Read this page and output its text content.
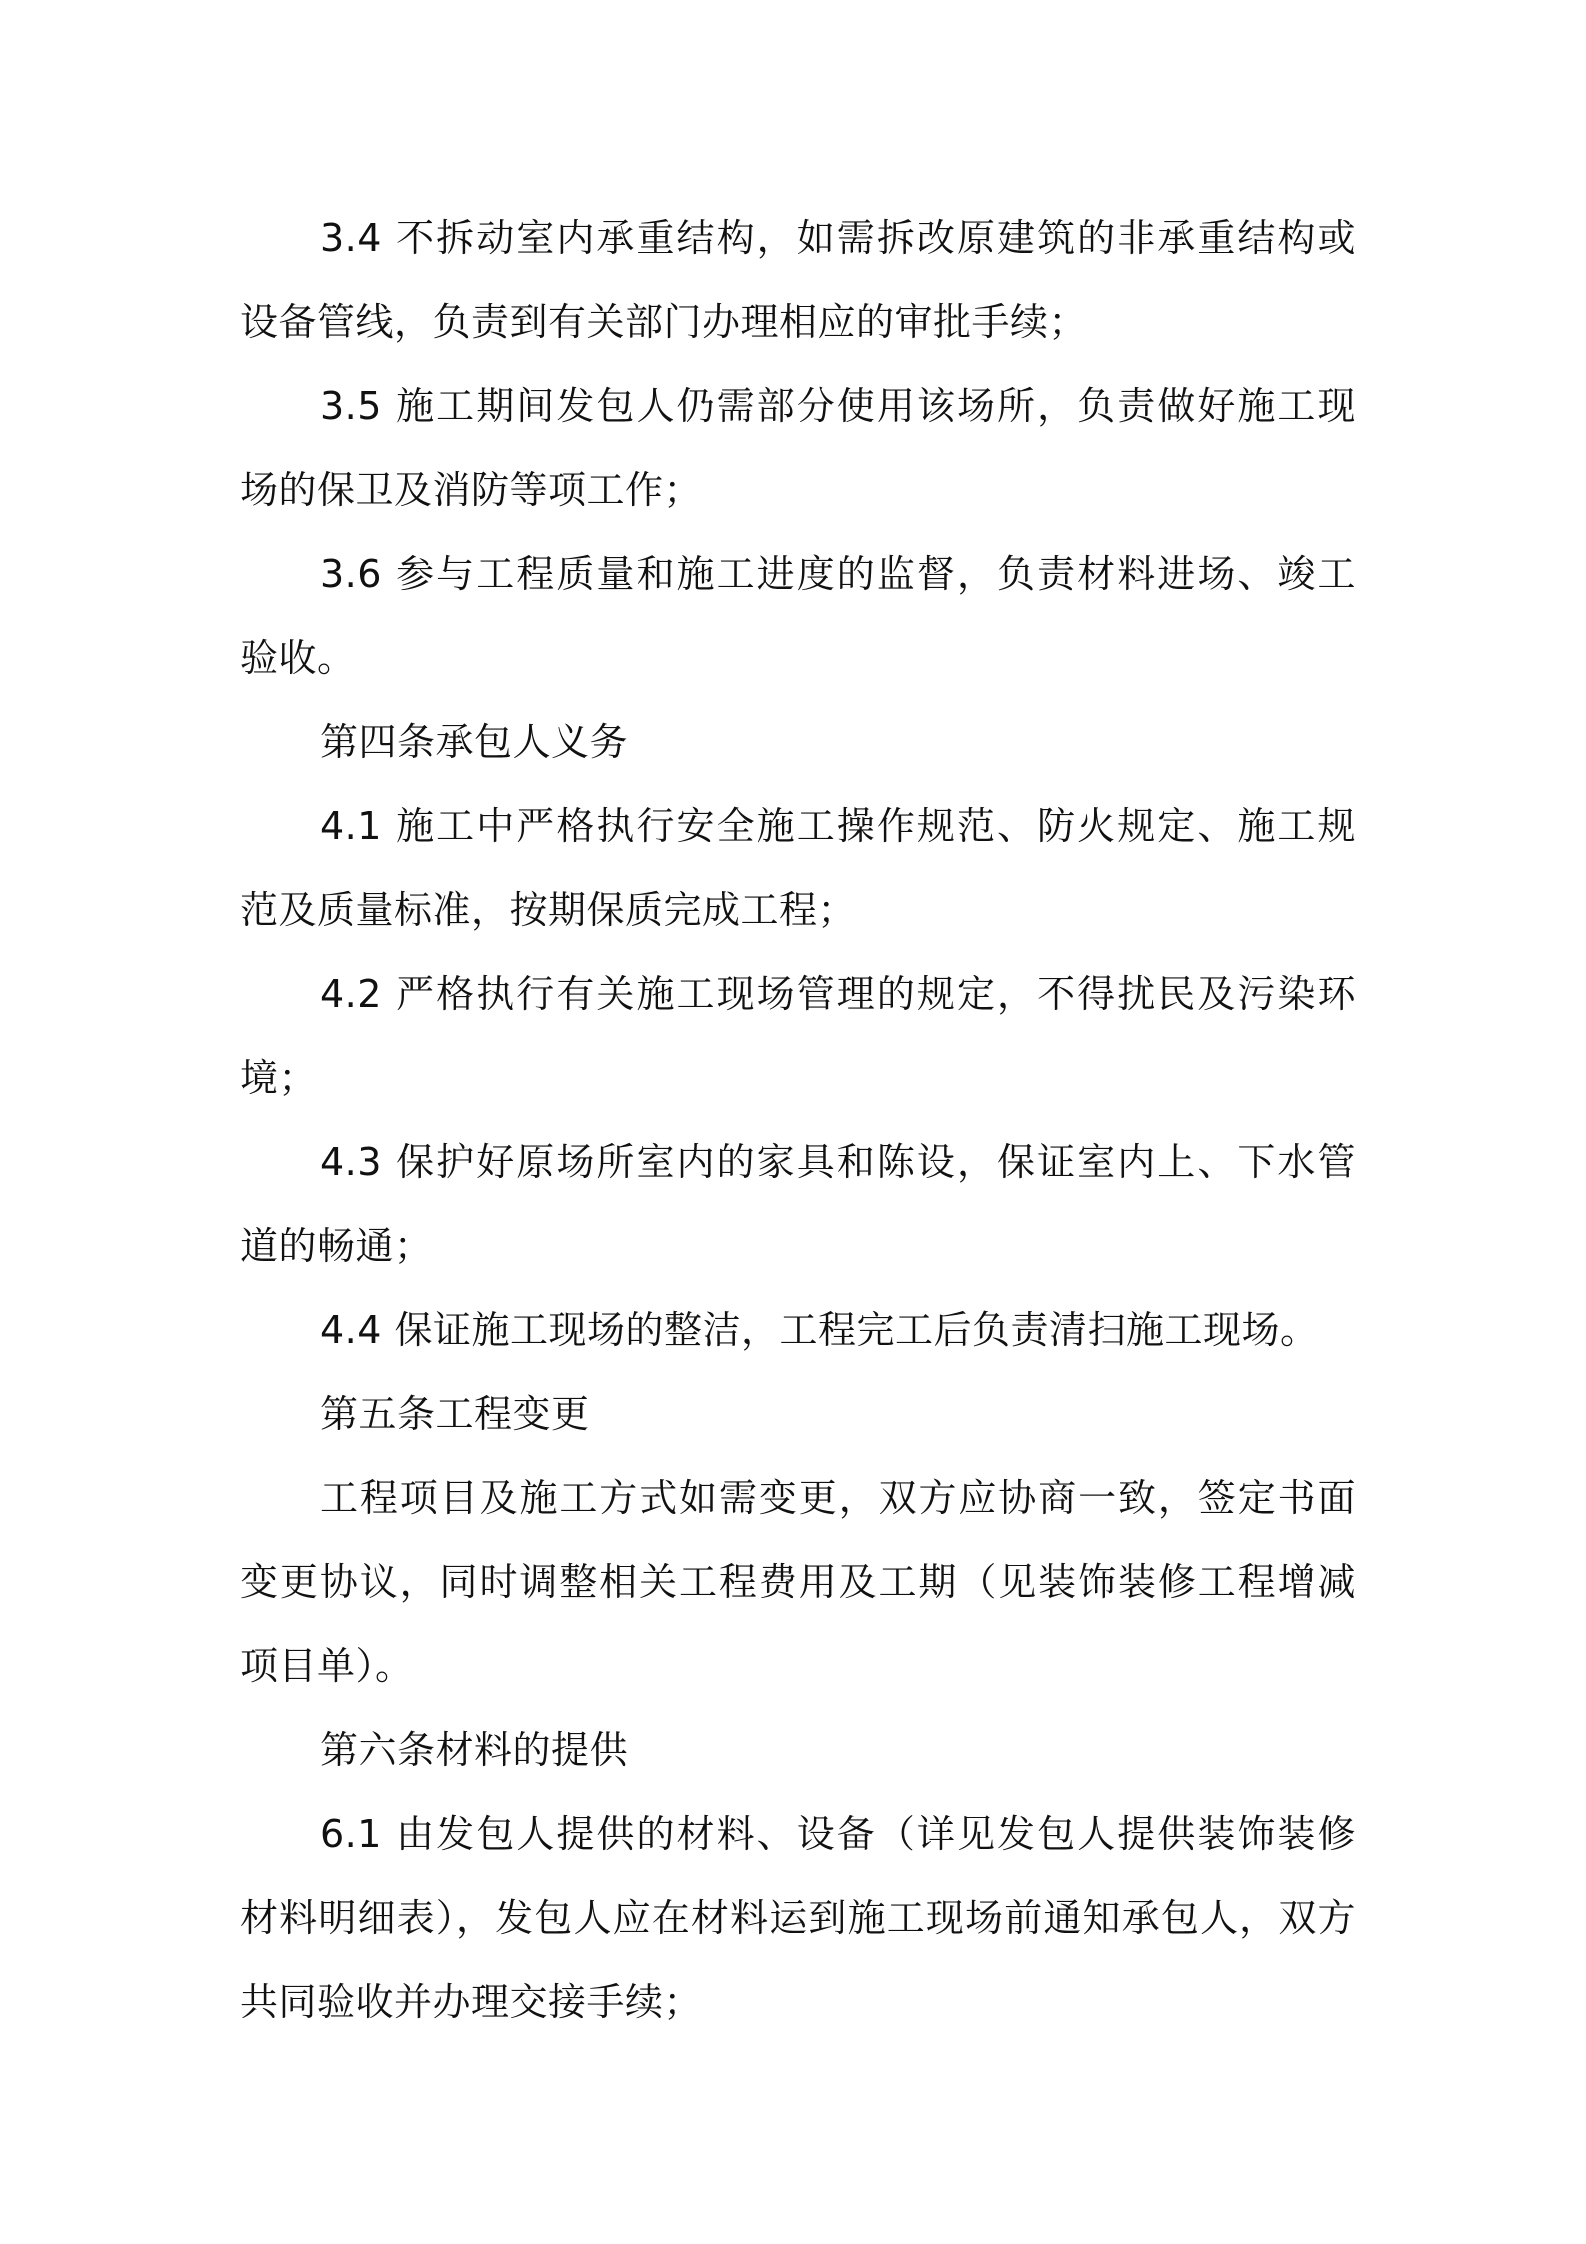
3.4 不拆动室内承重结构，如需拆改原建筑的非承重结构或设备管线，负责到有关部门办理相应的审批手续；

3.5 施工期间发包人仍需部分使用该场所，负责做好施工现场的保卫及消防等项工作；

3.6 参与工程质量和施工进度的监督，负责材料进场、竣工验收。

第四条承包人义务

4.1 施工中严格执行安全施工操作规范、防火规定、施工规范及质量标准，按期保质完成工程；

4.2 严格执行有关施工现场管理的规定，不得扰民及污染环境；

4.3 保护好原场所室内的家具和陈设，保证室内上、下水管道的畅通；

4.4 保证施工现场的整洁，工程完工后负责清扫施工现场。

第五条工程变更

工程项目及施工方式如需变更，双方应协商一致，签定书面变更协议，同时调整相关工程费用及工期（见装饰装修工程增减项目单）。

第六条材料的提供

6.1 由发包人提供的材料、设备（详见发包人提供装饰装修材料明细表），发包人应在材料运到施工现场前通知承包人，双方共同验收并办理交接手续；
